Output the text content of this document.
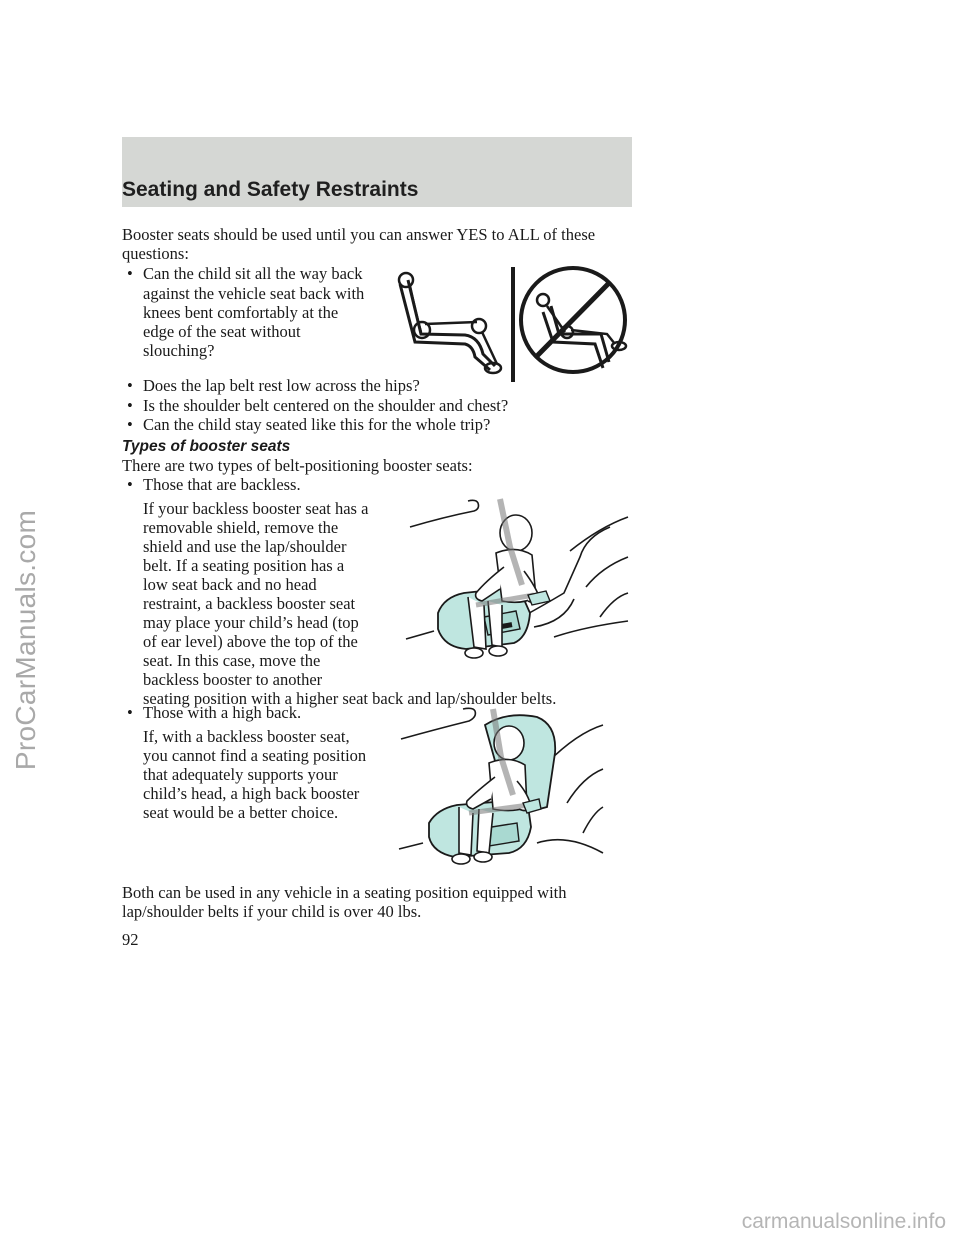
ProCarManuals.com
carmanualsonline.info
Seating and Safety Restraints
Booster seats should be used until you can answer YES to ALL of these
questions:
• Can the child sit all the way back
against the vehicle seat back with
knees bent comfortably at the
edge of the seat without
slouching?
• Does the lap belt rest low across the hips?
• Is the shoulder belt centered on the shoulder and chest?
• Can the child stay seated like this for the whole trip?
Types of booster seats
There are two types of belt-positioning booster seats:
• Those that are backless.
If your backless booster seat has a
removable shield, remove the
shield and use the lap/shoulder
belt. If a seating position has a
low seat back and no head
restraint, a backless booster seat
may place your child’s head (top
of ear level) above the top of the
seat. In this case, move the
backless booster to another
seating position with a higher seat back and lap/shoulder belts.
• Those with a high back.
If, with a backless booster seat,
you cannot find a seating position
that adequately supports your
child’s head, a high back booster
seat would be a better choice.
Both can be used in any vehicle in a seating position equipped with
lap/shoulder belts if your child is over 40 lbs.
92
